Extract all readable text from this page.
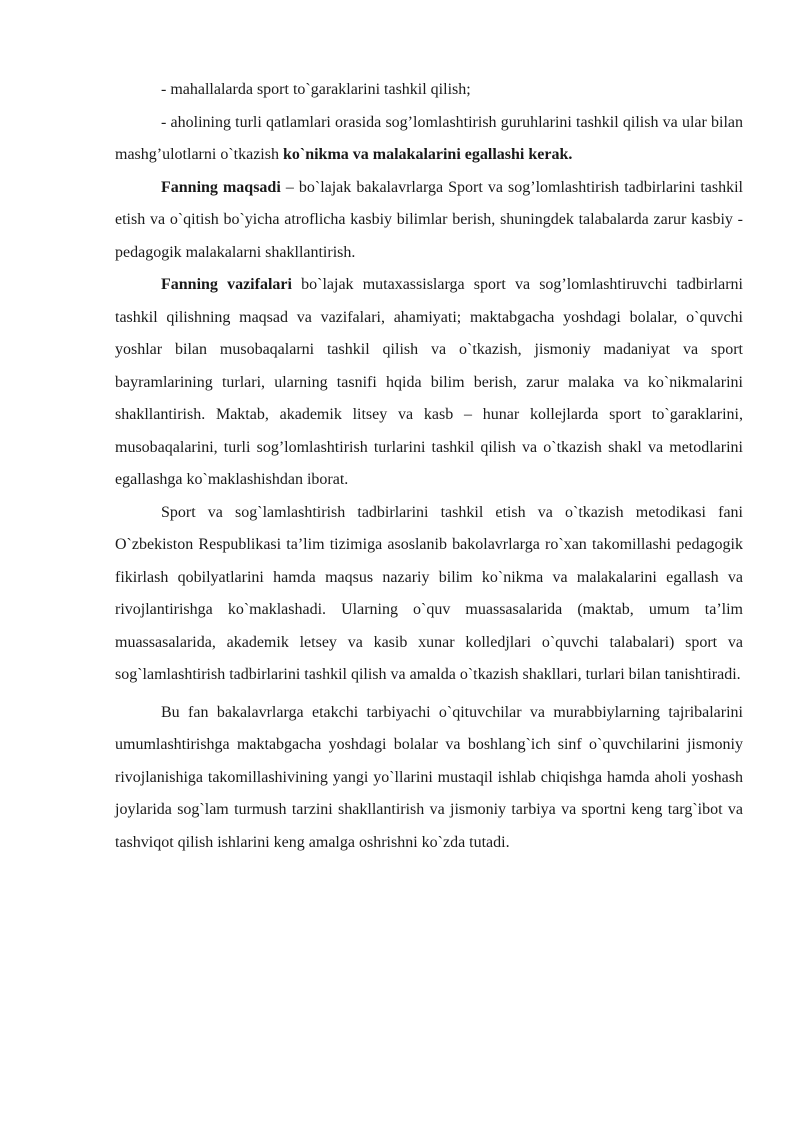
- mahallalarda sport to`garaklarini tashkil qilish;

- aholining turli qatlamlari orasida sog’lomlashtirish guruhlarini tashkil qilish va ular bilan mashg’ulotlarni o`tkazish ko`nikma va malakalarini egallashi kerak.

Fanning maqsadi – bo`lajak bakalavrlarga Sport va sog’lomlashtirish tadbirlarini tashkil etish va o`qitish bo`yicha atroflicha kasbiy bilimlar berish, shuningdek talabalarda zarur kasbiy - pedagogik malakalarni shakllantirish.

Fanning vazifalari bo`lajak mutaxassislarga sport va sog’lomlashtiruvchi tadbirlarni tashkil qilishning maqsad va vazifalari, ahamiyati; maktabgacha yoshdagi bolalar, o`quvchi yoshlar bilan musobaqalarni tashkil qilish va o`tkazish, jismoniy madaniyat va sport bayramlarining turlari, ularning tasnifi hqida bilim berish, zarur malaka va ko`nikmalarini shakllantirish. Maktab, akademik litsey va kasb – hunar kollejlarda sport to`garaklarini, musobaqalarini, turli sog’lomlashtirish turlarini tashkil qilish va o`tkazish shakl va metodlarini egallashga ko`maklashishdan iborat.

Sport va sog`lamlashtirish tadbirlarini tashkil etish va o`tkazish metodikasi fani O`zbekiston Respublikasi ta’lim tizimiga asoslanib bakolavrlarga ro`xan takomillashi pedagogik fikirlash qobilyatlarini hamda maqsus nazariy bilim ko`nikma va malakalarini egallash va rivojlantirishga ko`maklashadi. Ularning o`quv muassasalarida (maktab, umum ta’lim muassasalarida, akademik letsey va kasib xunar kolledjlari o`quvchi talabalari) sport va sog`lamlashtirish tadbirlarini tashkil qilish va amalda o`tkazish shakllari, turlari bilan tanishtiradi.

Bu fan bakalavrlarga etakchi tarbiyachi o`qituvchilar va murabbiylarning tajribalarini umumlashtirishga maktabgacha yoshdagi bolalar va boshlang`ich sinf o`quvchilarini jismoniy rivojlanishiga takomillashivining yangi yo`llarini mustaqil ishlab chiqishga hamda aholi yoshash joylarida sog`lam turmush tarzini shakllantirish va jismoniy tarbiya va sportni keng targ`ibot va tashviqot qilish ishlarini keng amalga oshrishni ko`zda tutadi.
